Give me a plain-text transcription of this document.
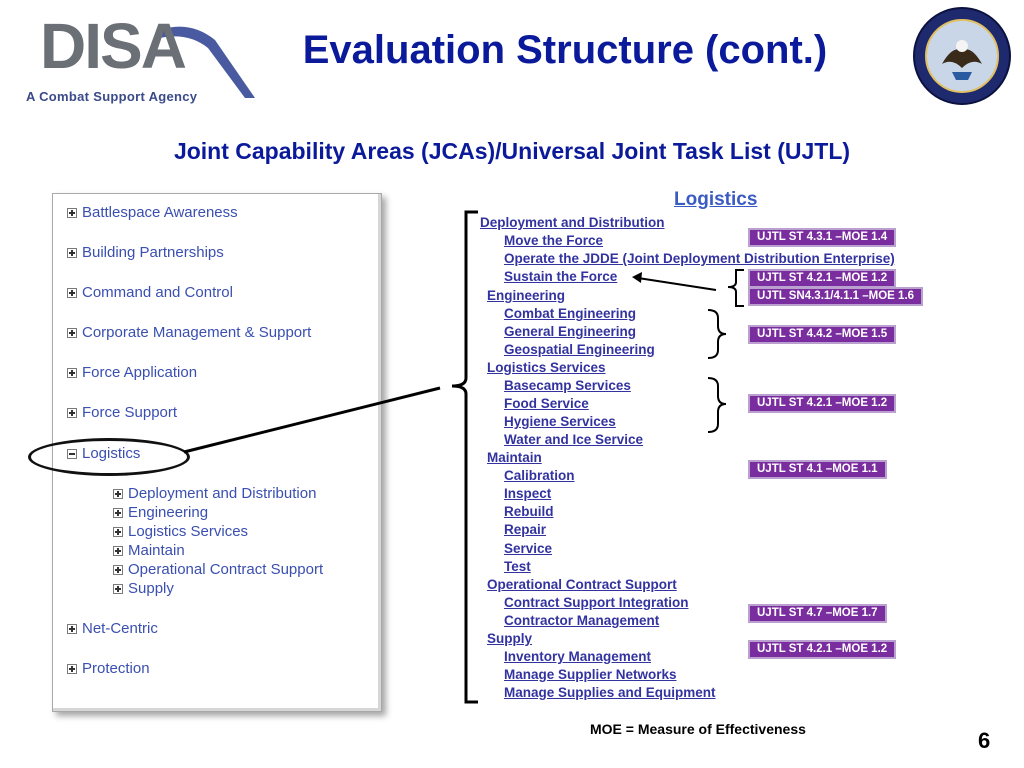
DISA
A Combat Support Agency
Evaluation Structure (cont.)
Joint Capability Areas (JCAs)/Universal Joint Task List (UJTL)
Battlespace Awareness
Building Partnerships
Command and Control
Corporate Management & Support
Force Application
Force Support
Logistics
Deployment and Distribution
Engineering
Logistics Services
Maintain
Operational Contract Support
Supply
Net-Centric
Protection
Logistics
Deployment and Distribution
Move the Force
Operate the JDDE (Joint Deployment Distribution Enterprise)
Sustain the Force
Engineering
Combat Engineering
General Engineering
Geospatial Engineering
Logistics Services
Basecamp Services
Food Service
Hygiene Services
Water and Ice Service
Maintain
Calibration
Inspect
Rebuild
Repair
Service
Test
Operational Contract Support
Contract Support Integration
Contractor Management
Supply
Inventory Management
Manage Supplier Networks
Manage Supplies and Equipment
UJTL ST 4.3.1 –MOE 1.4
UJTL ST 4.2.1 –MOE 1.2
UJTL SN4.3.1/4.1.1 –MOE 1.6
UJTL ST 4.4.2 –MOE 1.5
UJTL ST 4.2.1 –MOE 1.2
UJTL ST 4.1 –MOE 1.1
UJTL ST 4.7 –MOE 1.7
UJTL ST 4.2.1 –MOE 1.2
MOE = Measure of Effectiveness	6
